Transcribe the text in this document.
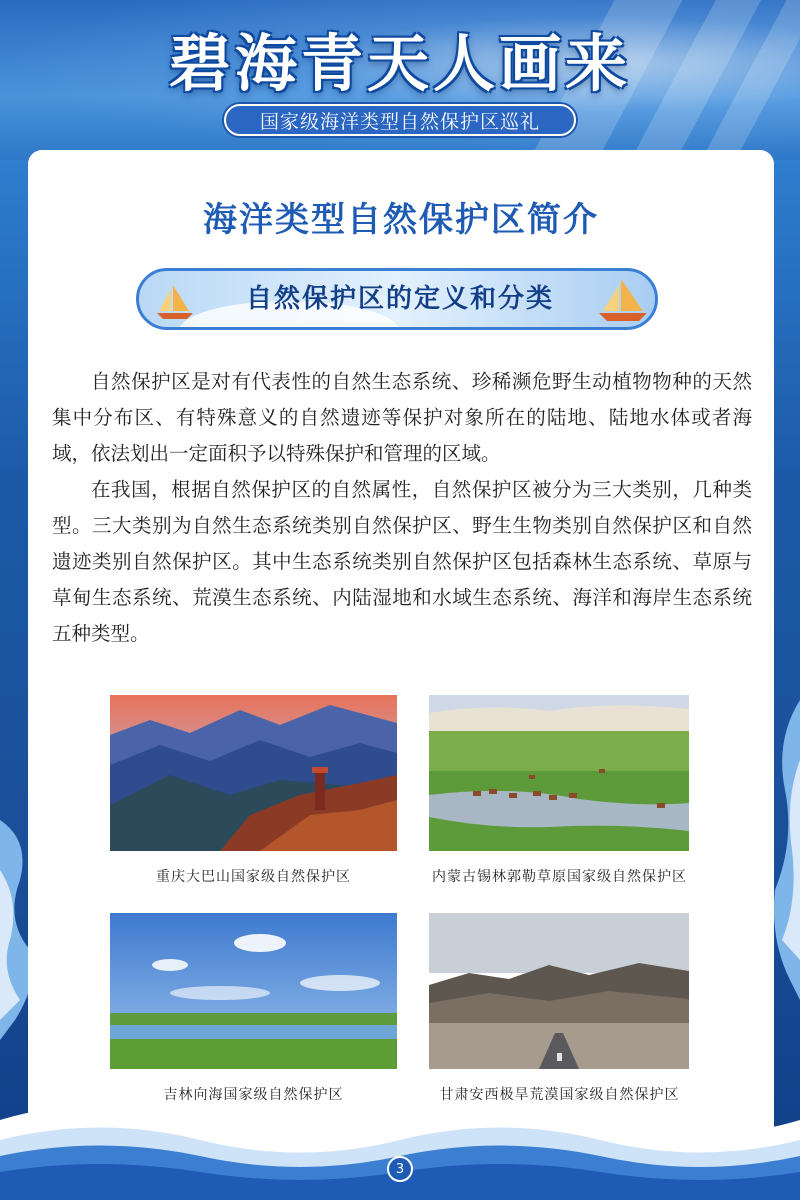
碧海青天人画来
国家级海洋类型自然保护区巡礼
海洋类型自然保护区简介
自然保护区的定义和分类

自然保护区是对有代表性的自然生态系统、珍稀濒危野生动植物物种的天然集中分布区、有特殊意义的自然遗迹等保护对象所在的陆地、陆地水体或者海域，依法划出一定面积予以特殊保护和管理的区域。

在我国，根据自然保护区的自然属性，自然保护区被分为三大类别，几种类型。三大类别为自然生态系统类别自然保护区、野生生物类别自然保护区和自然遗迹类别自然保护区。其中生态系统类别自然保护区包括森林生态系统、草原与草甸生态系统、荒漠生态系统、内陆湿地和水域生态系统、海洋和海岸生态系统五种类型。

重庆大巴山国家级自然保护区	内蒙古锡林郭勒草原国家级自然保护区
吉林向海国家级自然保护区	甘肃安西极旱荒漠国家级自然保护区
3
